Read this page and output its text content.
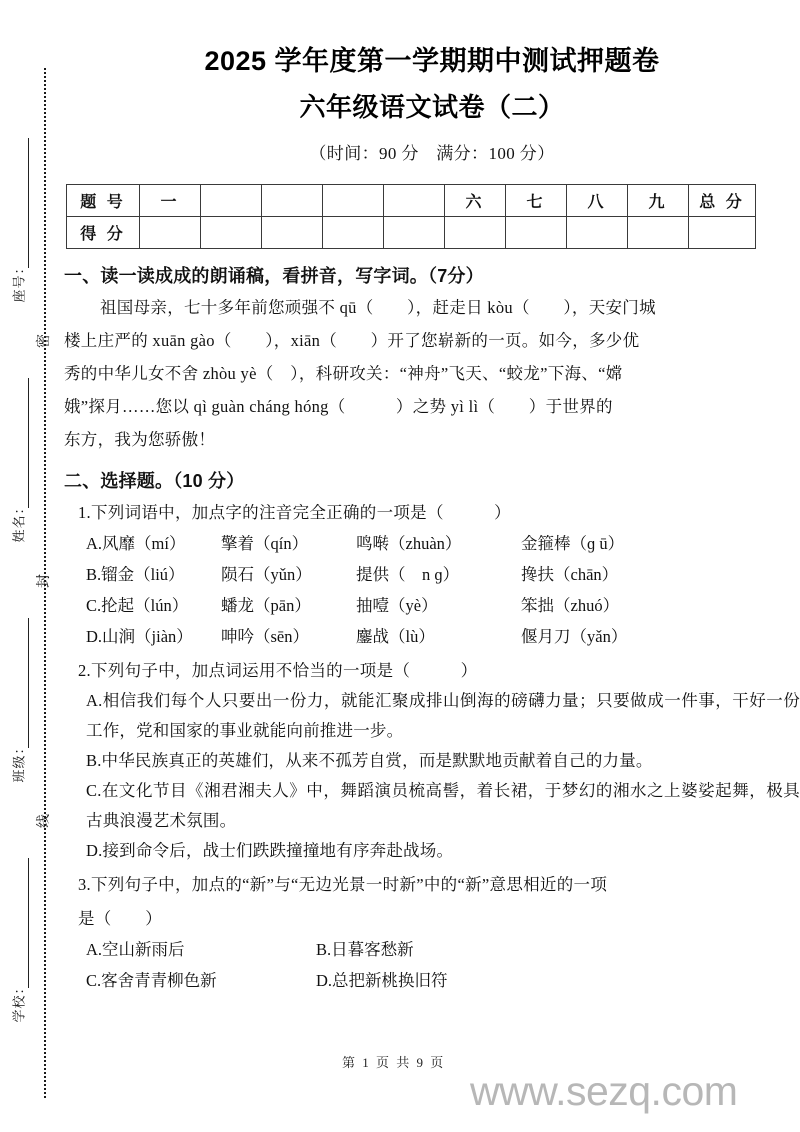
座号：
姓名：
班级：
学校：
密
封
线
2025 学年度第一学期期中测试押题卷
六年级语文试卷（二）
（时间：90 分　满分：100 分）
题 号	一					六	七	八	九	总 分
得 分										
一、读一读成成的朗诵稿，看拼音，写字词。（7分）
祖国母亲，七十多年前您顽强不 qū（　　），赶走日 kòu（　　），天安门城
楼上庄严的 xuān gào（　　），xiān（　　）开了您崭新的一页。如今，多少优
秀的中华儿女不舍 zhòu yè（　），科研攻关：“神舟”飞天、“蛟龙”下海、“嫦
娥”探月……您以 qì guàn cháng hóng（　　　）之势 yì lì（　　）于世界的
东方，我为您骄傲！
二、选择题。（10 分）
1.下列词语中，加点字的注音完全正确的一项是（　　　）
A.风靡（mí）	擎着（qín）	鸣啭（zhuàn）	金箍棒（ɡ ū）
B.镏金（liú）	陨石（yǔn）	提供（　n ɡ）	搀扶（chān）
C.抡起（lún）	蟠龙（pān）	抽噎（yè）	笨拙（zhuó）
D.山涧（jiàn）	呻吟（sēn）	鏖战（lù）	偃月刀（yǎn）
2.下列句子中，加点词运用不恰当的一项是（　　　）
A.相信我们每个人只要出一份力，就能汇聚成排山倒海的磅礴力量；只要做成一件事，干好一份工作，党和国家的事业就能向前推进一步。
B.中华民族真正的英雄们，从来不孤芳自赏，而是默默地贡献着自己的力量。
C.在文化节目《湘君湘夫人》中，舞蹈演员梳高髻，着长裙，于梦幻的湘水之上婆娑起舞，极具古典浪漫艺术氛围。
D.接到命令后，战士们跌跌撞撞地有序奔赴战场。
3.下列句子中，加点的“新”与“无边光景一时新”中的“新”意思相近的一项
是（　　）
A.空山新雨后	B.日暮客愁新
C.客舍青青柳色新	D.总把新桃换旧符
第 1 页 共 9 页
www.sezq.com
